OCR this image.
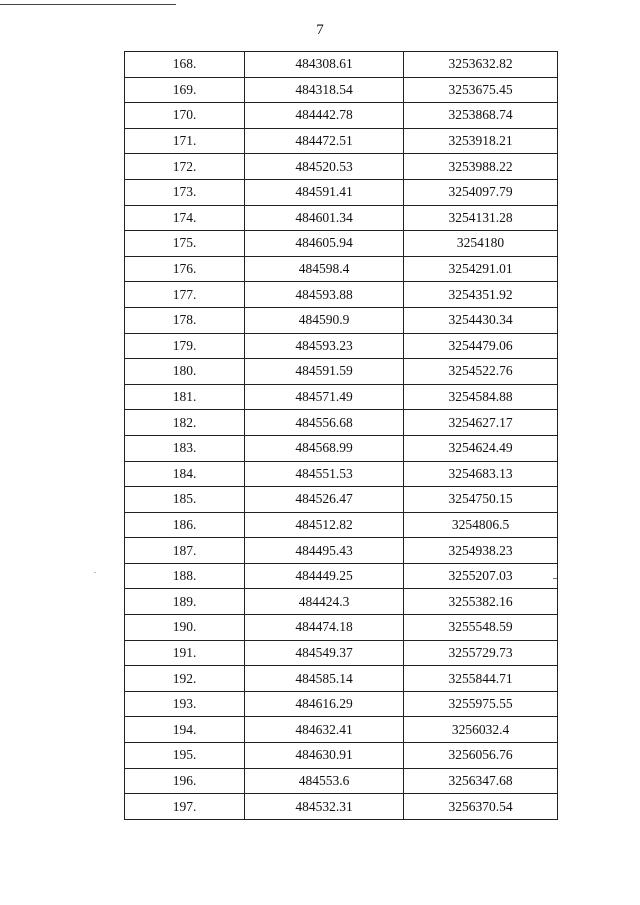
7
168.	484308.61	3253632.82
169.	484318.54	3253675.45
170.	484442.78	3253868.74
171.	484472.51	3253918.21
172.	484520.53	3253988.22
173.	484591.41	3254097.79
174.	484601.34	3254131.28
175.	484605.94	3254180
176.	484598.4	3254291.01
177.	484593.88	3254351.92
178.	484590.9	3254430.34
179.	484593.23	3254479.06
180.	484591.59	3254522.76
181.	484571.49	3254584.88
182.	484556.68	3254627.17
183.	484568.99	3254624.49
184.	484551.53	3254683.13
185.	484526.47	3254750.15
186.	484512.82	3254806.5
187.	484495.43	3254938.23
188.	484449.25	3255207.03
189.	484424.3	3255382.16
190.	484474.18	3255548.59
191.	484549.37	3255729.73
192.	484585.14	3255844.71
193.	484616.29	3255975.55
194.	484632.41	3256032.4
195.	484630.91	3256056.76
196.	484553.6	3256347.68
197.	484532.31	3256370.54
